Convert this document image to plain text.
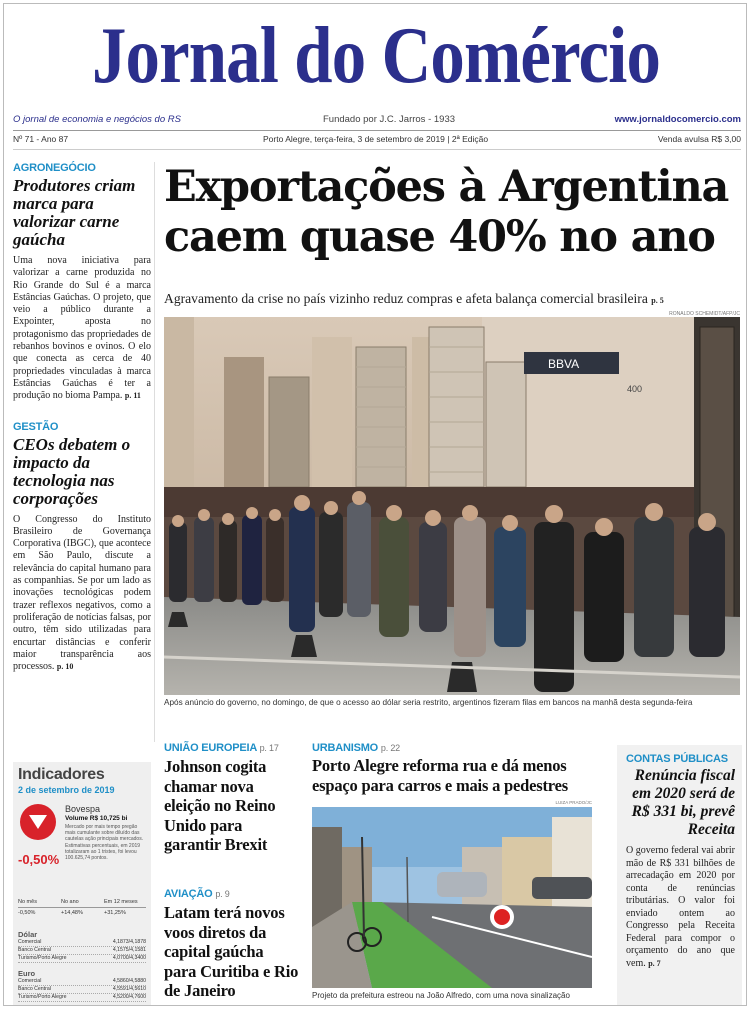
Jornal do Comércio
O jornal de economia e negócios do RS	Fundado por J.C. Jarros - 1933	www.jornaldocomercio.com
Nº 71 - Ano 87	Porto Alegre, terça-feira, 3 de setembro de 2019 | 2ª Edição	Venda avulsa R$ 3,00
AGRONEGÓCIO
Produtores criam marca para valorizar carne gaúcha
Uma nova iniciativa para valorizar a carne produzida no Rio Grande do Sul é a marca Estâncias Gaúchas. O projeto, que veio a público durante a Expointer, aposta no protagonismo das propriedades de rebanhos bovinos e ovinos. O elo que conecta as cerca de 40 propriedades vinculadas à marca Estâncias Gaúchas é ter a produção no bioma Pampa. p. 11
GESTÃO
CEOs debatem o impacto da tecnologia nas corporações
O Congresso do Instituto Brasileiro de Governança Corporativa (IBGC), que acontece em São Paulo, discute a relevância do capital humano para as companhias. Se por um lado as inovações tecnológicas podem trazer reflexos negativos, como a proliferação de notícias falsas, por outro, têm sido utilizadas para encurtar distâncias e conferir maior transparência aos processos. p. 10
Exportações à Argentina
caem quase 40% no ano
Agravamento da crise no país vizinho reduz compras e afeta balança comercial brasileira p. 5
RONALDO SCHEMIDT/AFP/JC
BBVA
400
Após anúncio do governo, no domingo, de que o acesso ao dólar seria restrito, argentinos fizeram filas em bancos na manhã desta segunda-feira
Indicadores
2 de setembro de 2019
Bovespa
Volume R$ 10,725 bi
Mercado por mais tempo pregão mais cumulante sobre diluído das cautelas ação principais mercados. Estimativas percentuais, em 2019 totalizaram ao 1 tristes, foi levou 100.625,74 pontos.
-0,50%
No mês	No ano	Em 12 meses
-0,50%	+14,48%	+31,25%
Dólar
Comercial	4,1873/4,1878
Banco Central	4,1575/4,1581
Turismo/Porto Alegre	4,0700/4,3400
Euro
Comercial	4,5860/4,5880
Banco Central	4,5591/4,5610
Turismo/Porto Alegre	4,5200/4,7600
UNIÃO EUROPEIA p. 17
Johnson cogita chamar nova eleição no Reino Unido para garantir Brexit
AVIAÇÃO p. 9
Latam terá novos voos diretos da capital gaúcha para Curitiba e Rio de Janeiro
URBANISMO p. 22
Porto Alegre reforma rua e dá menos espaço para carros e mais a pedestres
LUIZA PRADO/JC
Projeto da prefeitura estreou na João Alfredo, com uma nova sinalização
CONTAS PÚBLICAS
Renúncia fiscal em 2020 será de R$ 331 bi, prevê Receita
O governo federal vai abrir mão de R$ 331 bilhões de arrecadação em 2020 por conta de renúncias tributárias. O valor foi enviado ontem ao Congresso pela Receita Federal para compor o orçamento do ano que vem. p. 7
